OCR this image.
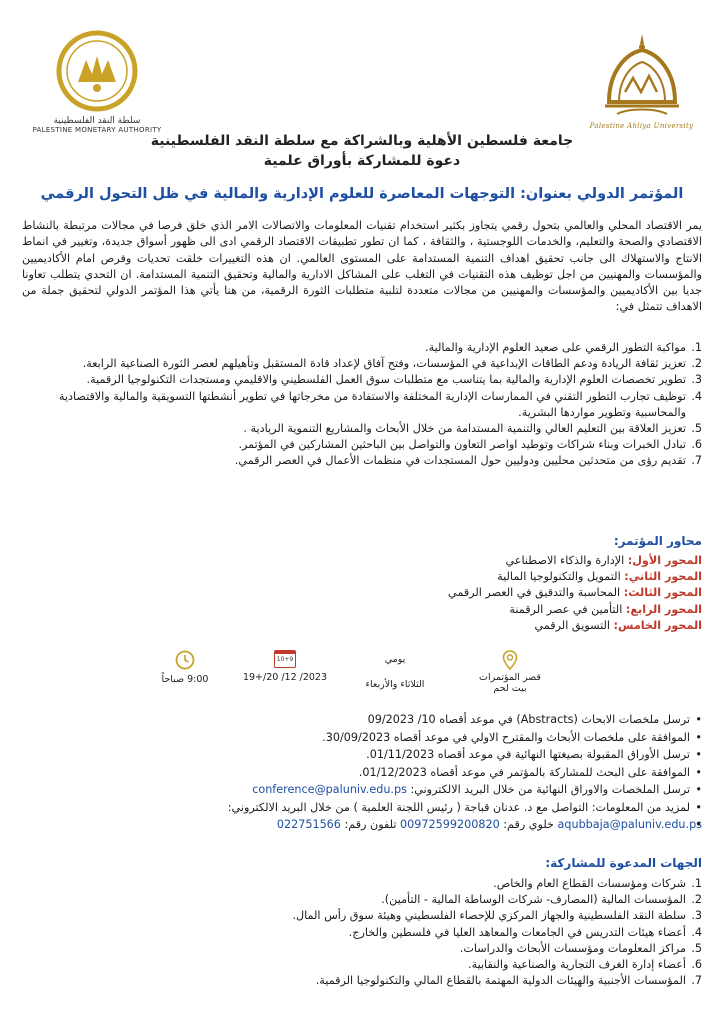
Palestine Ahliya University
سلطة النقد الفلسطينية
PALESTINE MONETARY AUTHORITY
جامعة فلسطين الأهلية وبالشراكة مع سلطة النقد الفلسطينية
دعوة للمشاركة بأوراق علمية
المؤتمر الدولي بعنوان: التوجهات المعاصرة للعلوم الإدارية والمالية في ظل التحول الرقمي

يمر الاقتصاد المحلي والعالمي بتحول رقمي يتجاوز بكثير استخدام تقنيات المعلومات والاتصالات الامر الذي خلق فرصا في مجالات مرتبطة بالنشاط الاقتصادي والصحة والتعليم، والخدمات اللوجستية ، والثقافة ، كما ان تطور تطبيقات الاقتصاد الرقمي ادى الى ظهور أسواق جديدة، وتغيير في انماط الانتاج والاستهلاك الى جانب تحقيق اهداف التنمية المستدامة على المستوى العالمي. ان هذه التغييرات خلقت تحديات وفرص امام الأكاديميين والمؤسسات والمهنيين من اجل توظيف هذه التقنيات في التغلب على المشاكل الادارية والمالية وتحقيق التنمية المستدامة. ان التحدي يتطلب تعاونا جديا بين الأكاديميين والمؤسسات والمهنيين من مجالات متعددة لتلبية متطلبات الثورة الرقمية، من هنا يأتي هذا المؤتمر الدولي لتحقيق جملة من الاهداف تتمثل في:

1.
مواكبة التطور الرقمي على صعيد العلوم الإدارية والمالية.
2.
تعزيز ثقافة الريادة ودعم الطاقات الإبداعية في المؤسسات، وفتح آفاق لإعداد قادة المستقبل وتأهيلهم لعصر الثورة الصناعية الرابعة.
3.
تطوير تخصصات العلوم الإدارية والمالية بما يتناسب مع متطلبات سوق العمل الفلسطيني والاقليمي ومستجدات التكنولوجيا الرقمية.
4.
توظيف تجارب التطور التقني في الممارسات الإدارية المختلفة والاستفادة من مخرجاتها في تطوير أنشطتها التسويقية والمالية والاقتصادية والمحاسبية وتطوير مواردها البشرية.
5.
تعزيز العلاقة بين التعليم العالي والتنمية المستدامة من خلال الأبحاث والمشاريع التنموية الريادية .
6.
تبادل الخبرات وبناء شراكات وتوطيد اواصر التعاون والتواصل بين الباحثين المشاركين في المؤتمر.
7.
تقديم رؤى من متحدثين محليين ودوليين حول المستجدات في منظمات الأعمال في العصر الرقمي.
محاور المؤتمر:
المحور الأول: الإدارة والذكاء الاصطناعي
المحور الثاني: التمويل والتكنولوجيا المالية
المحور الثالث: المحاسبة والتدقيق في العصر الرقمي
المحور الرابع: التأمين في عصر الرقمنة
المحور الخامس: التسويق الرقمي
قصر المؤتمرات
بيت لحم
يومي
الثلاثاء والأربعاء
10+9
19+/20 /12 /2023
9:00 صباحاً
• ترسل ملخصات الابحاث (Abstracts) في موعد أقصاه 10/ 09/2023
• الموافقة على ملخصات الأبحاث والمقترح الاولي في موعد أقصاه 30/09/2023.
• ترسل الأوراق المقبولة بصيغتها النهائية في موعد أقصاه 01/11/2023.
• الموافقة على البحث للمشاركة بالمؤتمر في موعد أقصاه 01/12/2023.
• ترسل الملخصات والاوراق النهائية من خلال البريد الالكتروني: conference@paluniv.edu.ps
• لمزيد من المعلومات: التواصل مع د. عدنان قباجة ( رئيس اللجنة العلمية ) من خلال البريد الالكتروني:
• aqubbaja@paluniv.edu.ps خلوي رقم: 00972599200820 تلفون رقم: 022751566
الجهات المدعوة للمشاركة:
1.
شركات ومؤسسات القطاع العام والخاص.
2.
المؤسسات المالية (المصارف- شركات الوساطة المالية - التأمين).
3.
سلطة النقد الفلسطينية والجهاز المركزي للإحصاء الفلسطيني وهيئة سوق رأس المال.
4.
أعضاء هيئات التدريس في الجامعات والمعاهد العليا في فلسطين والخارج.
5.
مراكز المعلومات ومؤسسات الأبحاث والدراسات.
6.
أعضاء إدارة الغرف التجارية والصناعية والنقابية.
7.
المؤسسات الأجنبية والهيئات الدولية المهتمة بالقطاع المالي والتكنولوجيا الرقمية.
